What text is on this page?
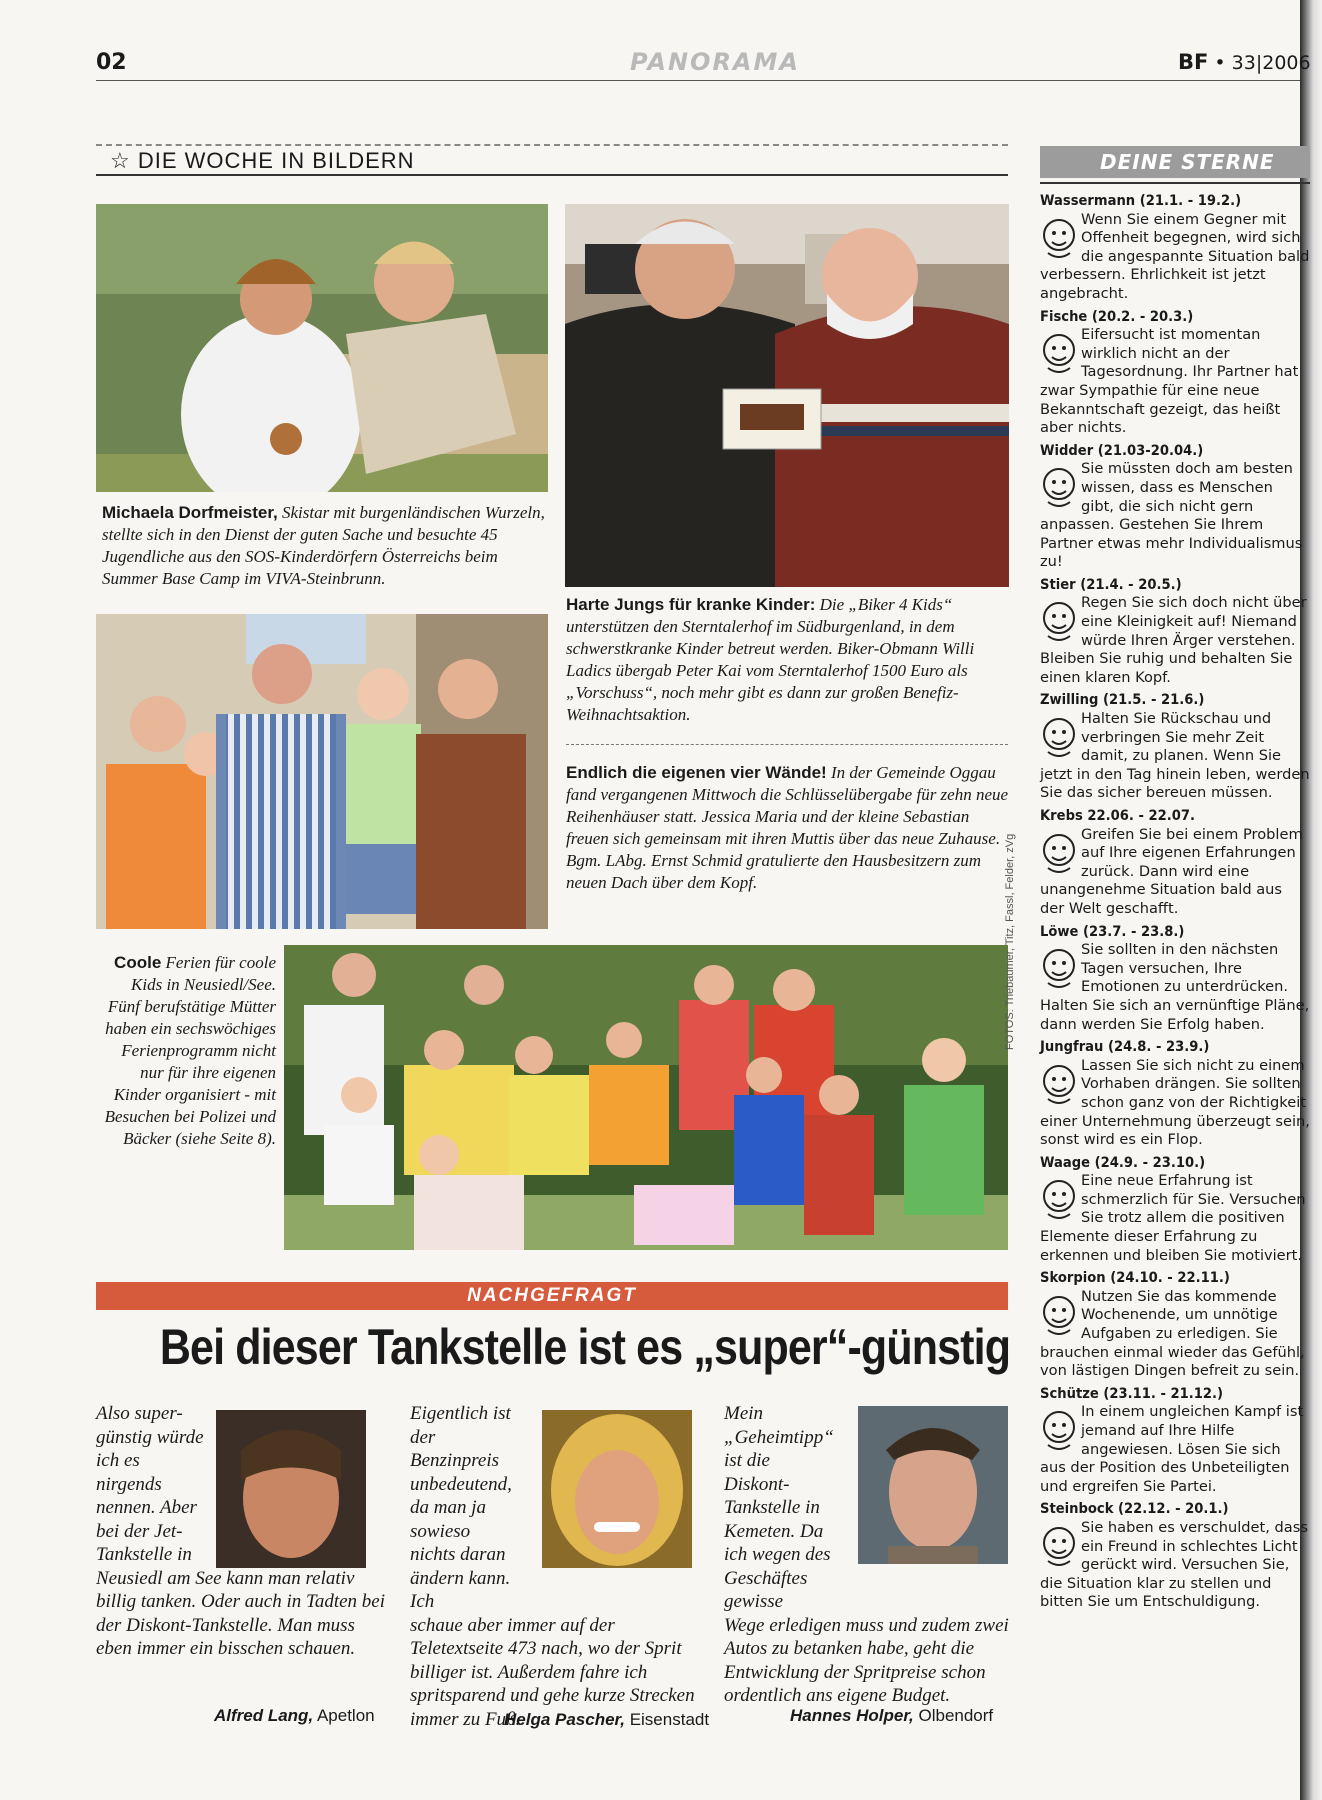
02	PANORAMA	BF • 33|2006
☆ DIE WOCHE IN BILDERN
FOTOS: Triebaumer, Titz, Fassl, Felder, zVg
Michaela Dorfmeister, Skistar mit burgenländischen Wurzeln, stellte sich in den Dienst der guten Sache und besuchte 45 Jugendliche aus den SOS-Kinderdörfern Österreichs beim Summer Base Camp im VIVA-Steinbrunn.
Harte Jungs für kranke Kinder: Die „Biker 4 Kids“ unterstützen den Sterntalerhof im Südburgenland, in dem schwerstkranke Kinder betreut werden. Biker-Obmann Willi Ladics übergab Peter Kai vom Sterntalerhof 1500 Euro als „Vorschuss“, noch mehr gibt es dann zur großen Benefiz-Weihnachtsaktion.
Endlich die eigenen vier Wände! In der Gemeinde Oggau fand vergangenen Mittwoch die Schlüsselübergabe für zehn neue Reihenhäuser statt. Jessica Maria und der kleine Sebastian freuen sich gemeinsam mit ihren Muttis über das neue Zuhause. Bgm. LAbg. Ernst Schmid gratulierte den Hausbesitzern zum neuen Dach über dem Kopf.
Coole Ferien für coole Kids in Neusiedl/See. Fünf berufstätige Mütter haben ein sechswöchiges Ferienprogramm nicht nur für ihre eigenen Kinder organisiert - mit Besuchen bei Polizei und Bäcker (siehe Seite 8).
NACHGEFRAGT
Bei dieser Tankstelle ist es „super“-günstig
Also super-günstig würde ich es nirgends nennen. Aber bei der Jet-Tankstelle in
Neusiedl am See kann man relativ billig tanken. Oder auch in Tadten bei der Diskont-Tankstelle. Man muss eben immer ein bisschen schauen.
Alfred Lang, Apetlon
Eigentlich ist der Benzinpreis unbedeutend, da man ja sowieso nichts daran ändern kann. Ich
schaue aber immer auf der Teletextseite 473 nach, wo der Sprit billiger ist. Außerdem fahre ich spritsparend und gehe kurze Strecken immer zu Fuß.
Helga Pascher, Eisenstadt
Mein „Geheimtipp“ ist die Diskont-Tankstelle in Kemeten. Da ich wegen des Geschäftes gewisse
Wege erledigen muss und zudem zwei Autos zu betanken habe, geht die Entwicklung der Spritpreise schon ordentlich ans eigene Budget.
Hannes Holper, Olbendorf
DEINE STERNE
Wassermann (21.1. - 19.2.)
Wenn Sie einem Gegner mit Offenheit begegnen, wird sich die angespannte Situation bald verbessern. Ehrlichkeit ist jetzt angebracht.
Fische (20.2. - 20.3.)
Eifersucht ist momentan wirklich nicht an der Tagesordnung. Ihr Partner hat zwar Sympathie für eine neue Bekanntschaft gezeigt, das heißt aber nichts.
Widder (21.03-20.04.)
Sie müssten doch am besten wissen, dass es Menschen gibt, die sich nicht gern anpassen. Gestehen Sie Ihrem Partner etwas mehr Individualismus zu!
Stier (21.4. - 20.5.)
Regen Sie sich doch nicht über eine Kleinigkeit auf! Niemand würde Ihren Ärger verstehen. Bleiben Sie ruhig und behalten Sie einen klaren Kopf.
Zwilling (21.5. - 21.6.)
Halten Sie Rückschau und verbringen Sie mehr Zeit damit, zu planen. Wenn Sie jetzt in den Tag hinein leben, werden Sie das sicher bereuen müssen.
Krebs 22.06. - 22.07.
Greifen Sie bei einem Problem auf Ihre eigenen Erfahrungen zurück. Dann wird eine unangenehme Situation bald aus der Welt geschafft.
Löwe (23.7. - 23.8.)
Sie sollten in den nächsten Tagen versuchen, Ihre Emotionen zu unterdrücken. Halten Sie sich an vernünftige Pläne, dann werden Sie Erfolg haben.
Jungfrau (24.8. - 23.9.)
Lassen Sie sich nicht zu einem Vorhaben drängen. Sie sollten schon ganz von der Richtigkeit einer Unternehmung überzeugt sein, sonst wird es ein Flop.
Waage (24.9. - 23.10.)
Eine neue Erfahrung ist schmerzlich für Sie. Versuchen Sie trotz allem die positiven Elemente dieser Erfahrung zu erkennen und bleiben Sie motiviert.
Skorpion (24.10. - 22.11.)
Nutzen Sie das kommende Wochenende, um unnötige Aufgaben zu erledigen. Sie brauchen einmal wieder das Gefühl, von lästigen Dingen befreit zu sein.
Schütze (23.11. - 21.12.)
In einem ungleichen Kampf ist jemand auf Ihre Hilfe angewiesen. Lösen Sie sich aus der Position des Unbeteiligten und ergreifen Sie Partei.
Steinbock (22.12. - 20.1.)
Sie haben es verschuldet, dass ein Freund in schlechtes Licht gerückt wird. Versuchen Sie, die Situation klar zu stellen und bitten Sie um Entschuldigung.
